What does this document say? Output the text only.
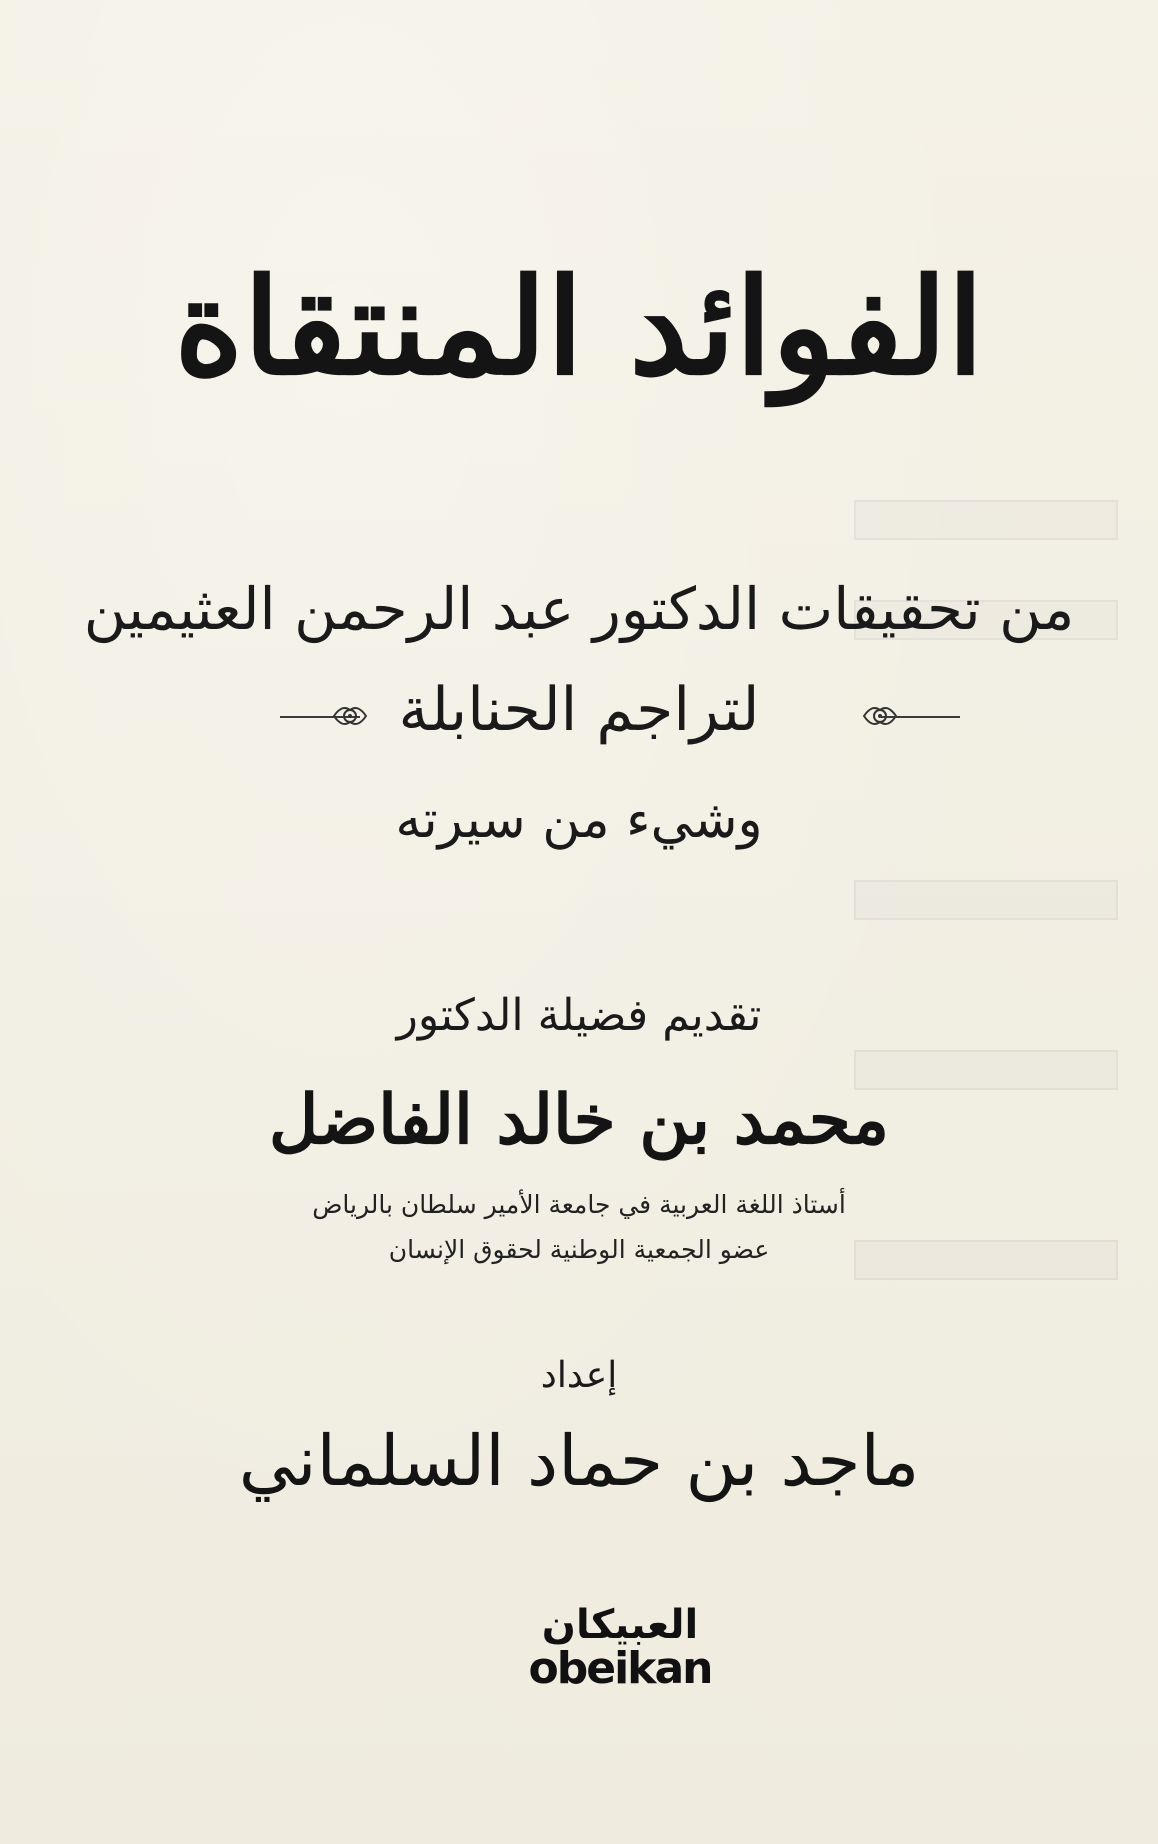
الفوائد المنتقاة
من تحقيقات الدكتور عبد الرحمن العثيمين
لتراجم الحنابلة
وشيء من سيرته
تقديم فضيلة الدكتور
محمد بن خالد الفاضل
أستاذ اللغة العربية في جامعة الأمير سلطان بالرياض
عضو الجمعية الوطنية لحقوق الإنسان
إعداد
ماجد بن حماد السلماني
العبيكان
obeikan
